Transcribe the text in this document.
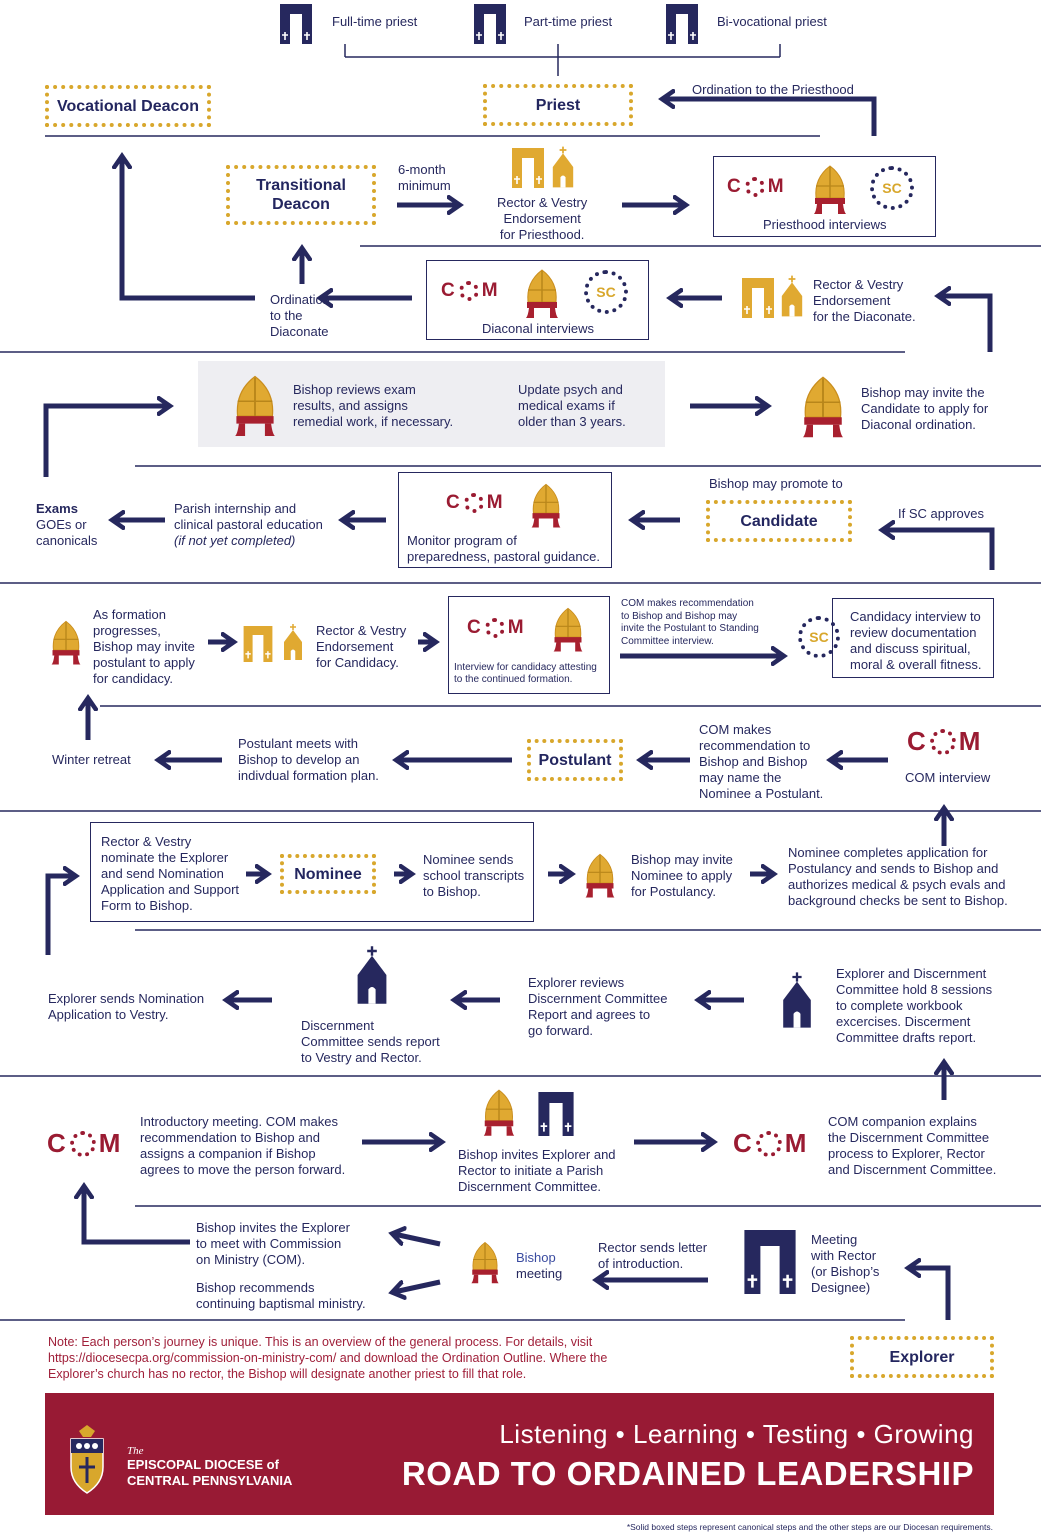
Full-time priest	Part-time priest	Bi-vocational priest
Vocational Deacon	Priest
Ordination to the Priesthood
Transitional Deacon
6-month
minimum
Rector & Vestry
Endorsement
for Priesthood.
C M	SC
Priesthood interviews
Ordination
to the
Diaconate
C M	SC
Diaconal interviews
Rector & Vestry
Endorsement
for the Diaconate.
Bishop reviews exam
results, and assigns
remedial work, if necessary.
Update psych and
medical exams if
older than 3 years.
Bishop may invite the
Candidate to apply for
Diaconal ordination.
Exams
GOEs or
canonicals
Parish internship and
clinical pastoral education
(if not yet completed)
C M
Monitor program of
preparedness, pastoral guidance.
Bishop may promote to
Candidate	If SC approves
As formation
progresses,
Bishop may invite
postulant to apply
for candidacy.
Rector & Vestry
Endorsement
for Candidacy.
C M
Interview for candidacy attesting
to the continued formation.
COM makes recommendation
to Bishop and Bishop may
invite the Postulant to Standing
Committee interview.	SC
Candidacy interview to
review documentation
and discuss spiritual,
moral & overall fitness.
Winter retreat
Postulant meets with
Bishop to develop an
indivdual formation plan.
Postulant
COM makes
recommendation to
Bishop and Bishop
may name the
Nominee a Postulant.
C M
COM interview
Rector & Vestry
nominate the Explorer
and send Nomination
Application and Support
Form to Bishop.
Nominee
Nominee sends
school transcripts
to Bishop.
Bishop may invite
Nominee to apply
for Postulancy.
Nominee completes application for
Postulancy and sends to Bishop and
authorizes medical & psych evals and
background checks be sent to Bishop.
Explorer sends Nomination
Application to Vestry.
Discernment
Committee sends report
to Vestry and Rector.
Explorer reviews
Discernment Committee
Report and agrees to
go forward.
Explorer and Discernment
Committee hold 8 sessions
to complete workbook
excercises. Discerment
Committee drafts report.
C M
Introductory meeting. COM makes
recommendation to Bishop and
assigns a companion if Bishop
agrees to move the person forward.
Bishop invites Explorer and
Rector to initiate a Parish
Discernment Committee.
C M
COM companion explains
the Discernment Committee
process to Explorer, Rector
and Discernment Committee.
Bishop invites the Explorer
to meet with Commission
on Ministry (COM).
Bishop recommends
continuing baptismal ministry.
Bishop
meeting
Rector sends letter
of introduction.
Meeting
with Rector
(or Bishop’s
Designee)
Note: Each person’s journey is unique. This is an overview of the general process. For details, visit https://diocesecpa.org/commission-on-ministry-com/ and download the Ordination Outline. Where the Explorer’s church has no rector, the Bishop will designate another priest to fill that role.
Explorer
The
EPISCOPAL DIOCESE of
CENTRAL PENNSYLVANIA
Listening • Learning • Testing • Growing
ROAD TO ORDAINED LEADERSHIP
*Solid boxed steps represent canonical steps and the other steps are our Diocesan requirements.
